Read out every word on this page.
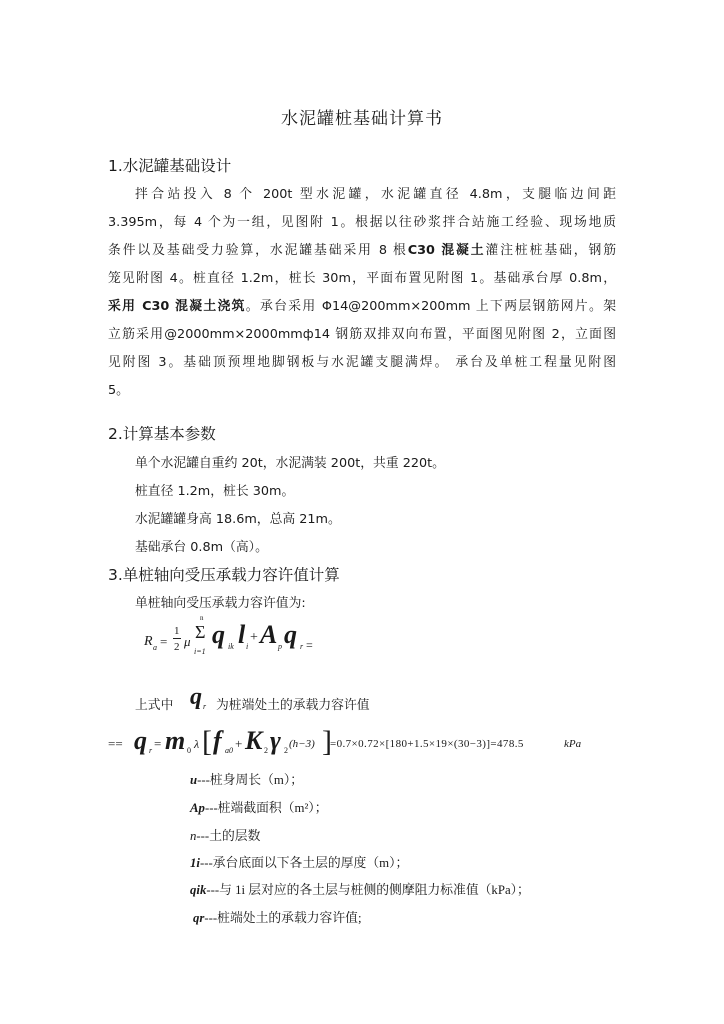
水泥罐桩基础计算书
1.水泥罐基础设计
拌合站投入 8 个 200t 型水泥罐，水泥罐直径 4.8m，支腿临边间距
3.395m，每 4 个为一组，见图附 1。根据以往砂浆拌合站施工经验、现场地质
条件以及基础受力验算，水泥罐基础采用 8 根C30 混凝土灌注桩桩基础，钢筋
笼见附图 4。桩直径 1.2m，桩长 30m，平面布置见附图 1。基础承台厚 0.8m，
采用 C30 混凝土浇筑。承台采用 Φ14@200mm×200mm 上下两层钢筋网片。架
立筋采用@2000mm×2000mmф14 钢筋双排双向布置，平面图见附图 2，立面图
见附图 3。基础顶预埋地脚钢板与水泥罐支腿满焊。 承台及单桩工程量见附图
5。
2.计算基本参数
单个水泥罐自重约 20t，水泥满装 200t，共重 220t。
桩直径 1.2m，桩长 30m。
水泥罐罐身高 18.6m，总高 21m。
基础承台 0.8m（高）。
3.单桩轴向受压承载力容许值计算
单桩轴向受压承载力容许值为:
R a =
1
2 μ
n
Σ
i=1
q ik l i
+ A p q r =
上式中 q r 为桩端处土的承载力容许值
== q r = m 0 λ [ f a0 + K 2 γ 2
(h−3) ]
=0.7×0.72×[180+1.5×19×(30−3)]=478.5	kPa
u---桩身周长（m）；
Ap---桩端截面积（m²）；
n---土的层数
1i---承台底面以下各土层的厚度（m）；
qik---与 1i 层对应的各土层与桩侧的侧摩阻力标准值（kPa）；
qr---桩端处土的承载力容许值;
